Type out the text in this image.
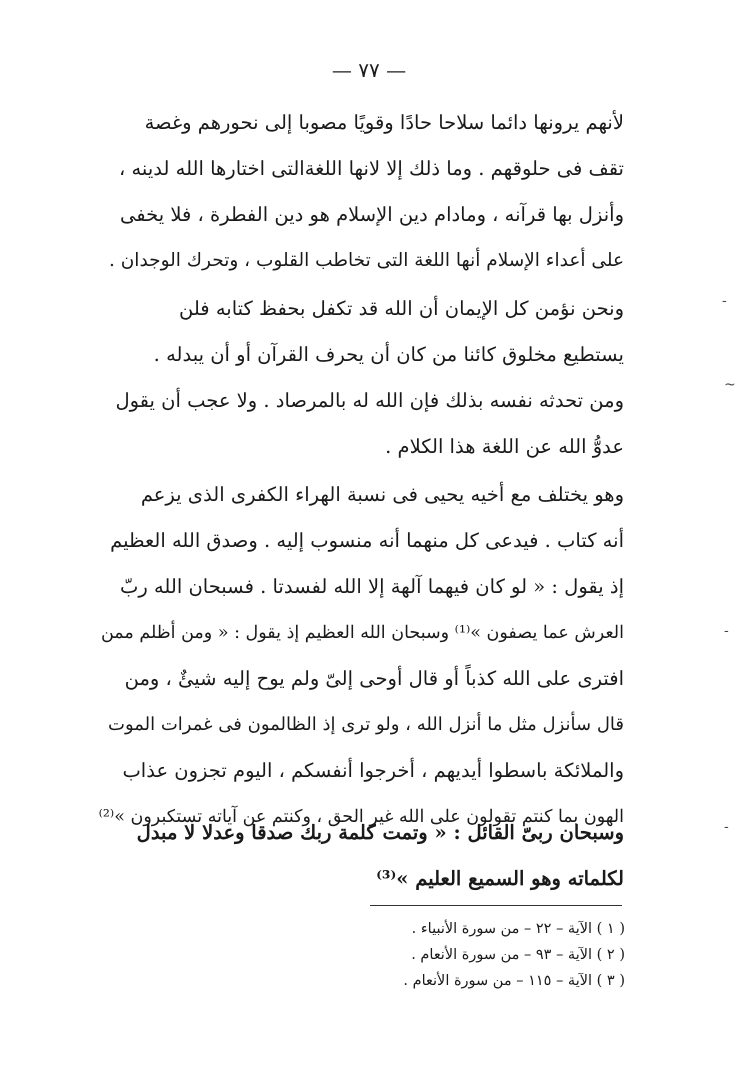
— ٧٧ —
-
~
-
-
لأنهم يرونها دائما سلاحا حادًا وقويًا مصوبا إلى نحورهم وغصة
تقف فى حلوقهم . وما ذلك إلا لانها اللغةالتى اختارها الله لدينه ،
وأنزل بها قرآنه ، ومادام دين الإسلام هو دين الفطرة ، فلا يخفى
على أعداء الإسلام أنها اللغة التى تخاطب القلوب ، وتحرك الوجدان .
ونحن نؤمن كل الإيمان أن الله قد تكفل بحفظ كتابه فلن
يستطيع مخلوق كائنا من كان أن يحرف القرآن أو أن يبدله .
ومن تحدثه نفسه بذلك فإن الله له بالمرصاد . ولا عجب أن يقول
عدوُّ الله عن اللغة هذا الكلام .
وهو يختلف مع أخيه يحيى فى نسبة الهراء الكفرى الذى يزعم
أنه كتاب . فيدعى كل منهما أنه منسوب إليه . وصدق الله العظيم
إذ يقول : « لو كان فيهما آلهة إلا الله لفسدتا . فسبحان الله ربّ
العرش عما يصفون »⁽¹⁾ وسبحان الله العظيم إذ يقول : « ومن أظلم ممن
افترى على الله كذباً أو قال أوحى إلىّ ولم يوح إليه شيئٌ ، ومن
قال سأنزل مثل ما أنزل الله ، ولو ترى إذ الظالمون فى غمرات الموت
والملائكة باسطوا أيديهم ، أخرجوا أنفسكم ، اليوم تجزون عذاب
الهون بما كنتم تقولون على الله غير الحق ، وكنتم عن آياته تستكبرون »⁽²⁾
وسبحان ربىّ القائل : « وتمت كلمة ربك صدقا وعدلا لا مبدل
لكلماته وهو السميع العليم »⁽³⁾
( ١ ) الآية – ٢٢ – من سورة الأنبياء .
( ٢ ) الآية – ٩٣ – من سورة الأنعام .
( ٣ ) الآية – ١١٥ – من سورة الأنعام .
